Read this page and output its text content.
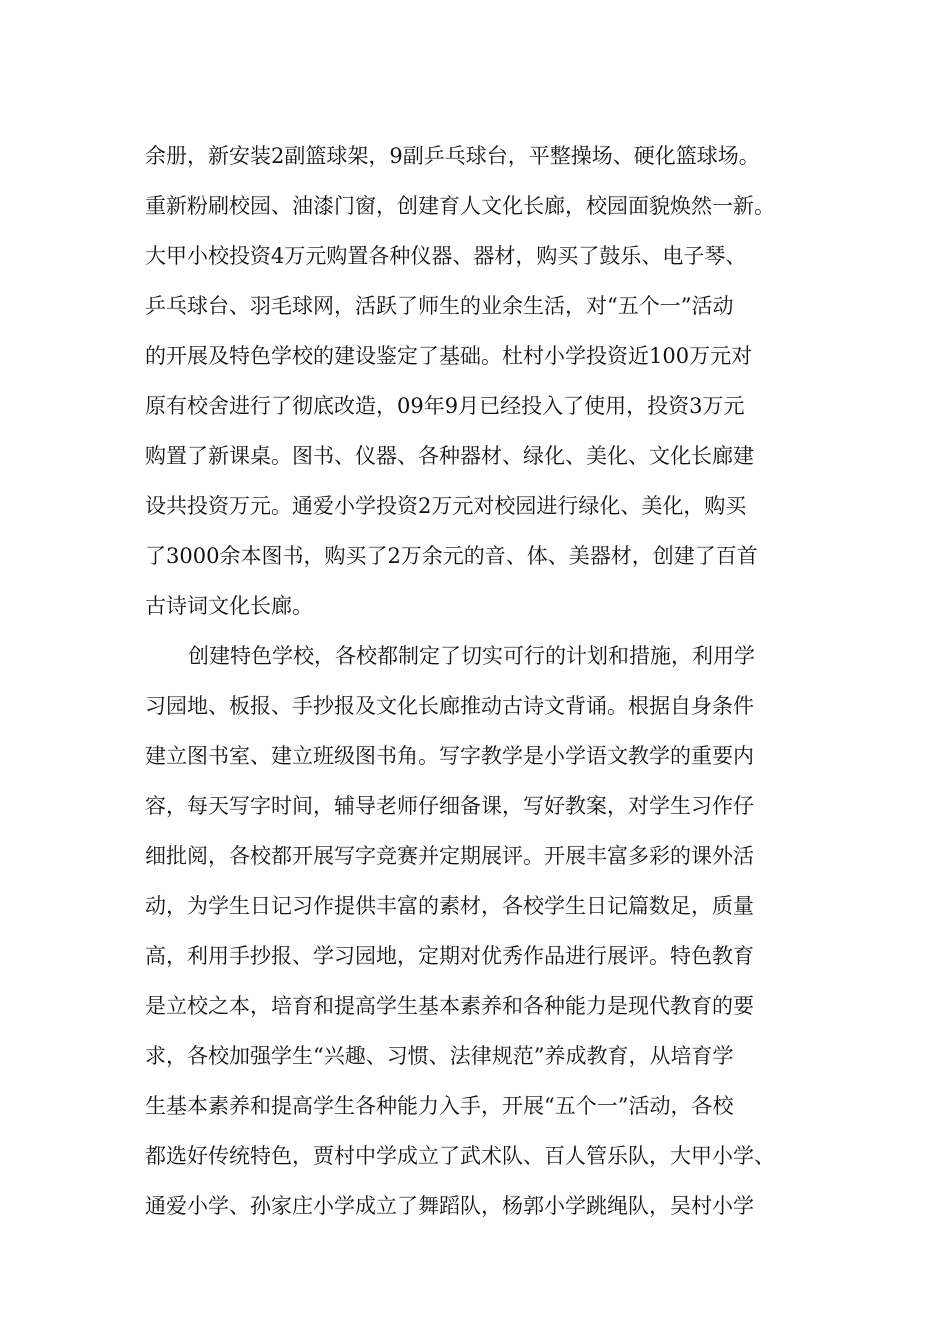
余册，新安装2副篮球架，9副乒乓球台，平整操场、硬化篮球场。
重新粉刷校园、油漆门窗，创建育人文化长廊，校园面貌焕然一新。
大甲小校投资4万元购置各种仪器、器材，购买了鼓乐、电子琴、
乒乓球台、羽毛球网，活跃了师生的业余生活，对“五个一”活动
的开展及特色学校的建设鉴定了基础。杜村小学投资近100万元对
原有校舍进行了彻底改造，09年9月已经投入了使用，投资3万元
购置了新课桌。图书、仪器、各种器材、绿化、美化、文化长廊建
设共投资万元。通爱小学投资2万元对校园进行绿化、美化，购买
了3000余本图书，购买了2万余元的音、体、美器材，创建了百首
古诗词文化长廊。
创建特色学校，各校都制定了切实可行的计划和措施，利用学
习园地、板报、手抄报及文化长廊推动古诗文背诵。根据自身条件
建立图书室、建立班级图书角。写字教学是小学语文教学的重要内
容，每天写字时间，辅导老师仔细备课，写好教案，对学生习作仔
细批阅，各校都开展写字竞赛并定期展评。开展丰富多彩的课外活
动，为学生日记习作提供丰富的素材，各校学生日记篇数足，质量
高，利用手抄报、学习园地，定期对优秀作品进行展评。特色教育
是立校之本，培育和提高学生基本素养和各种能力是现代教育的要
求，各校加强学生“兴趣、习惯、法律规范”养成教育，从培育学
生基本素养和提高学生各种能力入手，开展“五个一”活动，各校
都选好传统特色，贾村中学成立了武术队、百人管乐队，大甲小学、
通爱小学、孙家庄小学成立了舞蹈队，杨郭小学跳绳队，吴村小学
